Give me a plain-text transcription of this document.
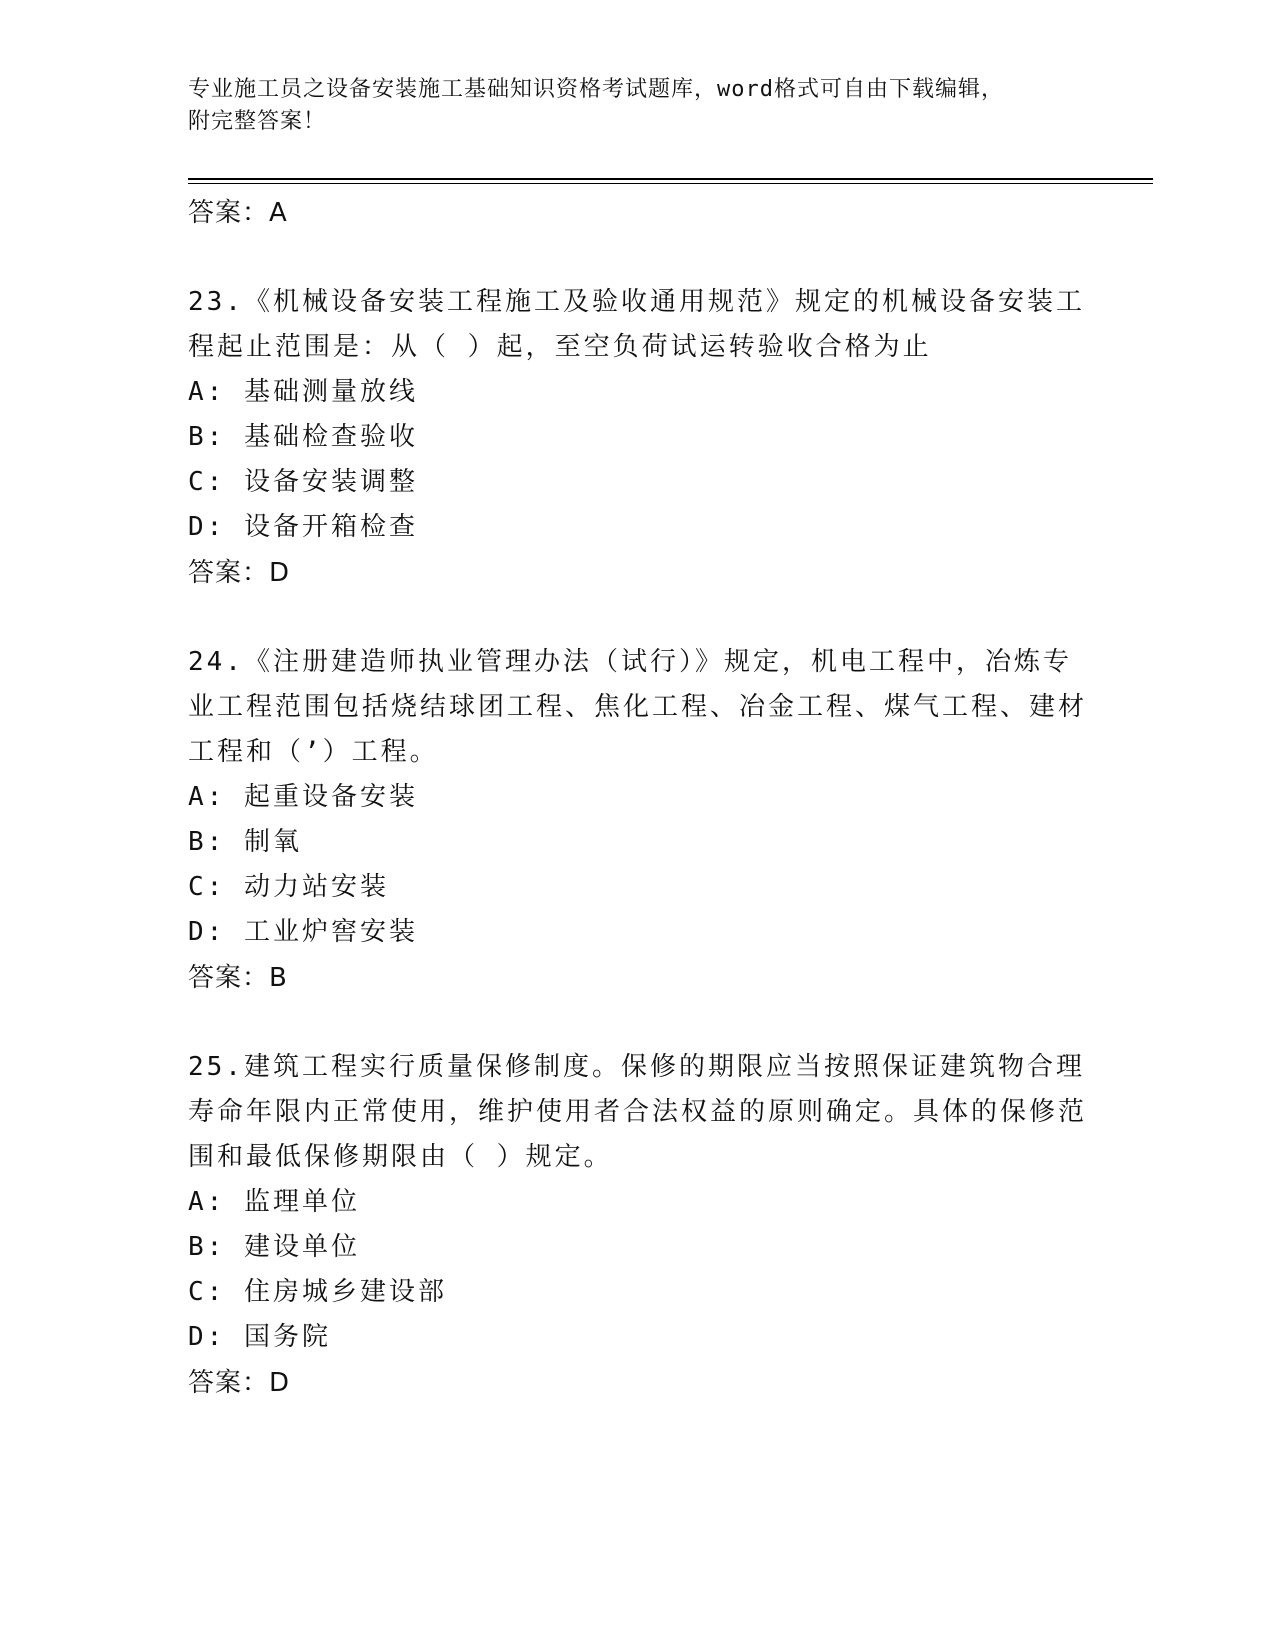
专业施工员之设备安装施工基础知识资格考试题库，word格式可自由下载编辑，
附完整答案！
答案：A
23.《机械设备安装工程施工及验收通用规范》规定的机械设备安装工程起止范围是：从（ ）起，至空负荷试运转验收合格为止
A: 基础测量放线
B: 基础检查验收
C: 设备安装调整
D: 设备开箱检查
答案：D
24.《注册建造师执业管理办法（试行）》规定，机电工程中，冶炼专业工程范围包括烧结球团工程、焦化工程、冶金工程、煤气工程、建材工程和（’）工程。
A: 起重设备安装
B: 制氧
C: 动力站安装
D: 工业炉窖安装
答案：B
25.建筑工程实行质量保修制度。保修的期限应当按照保证建筑物合理寿命年限内正常使用，维护使用者合法权益的原则确定。具体的保修范围和最低保修期限由（ ）规定。
A: 监理单位
B: 建设单位
C: 住房城乡建设部
D: 国务院
答案：D
